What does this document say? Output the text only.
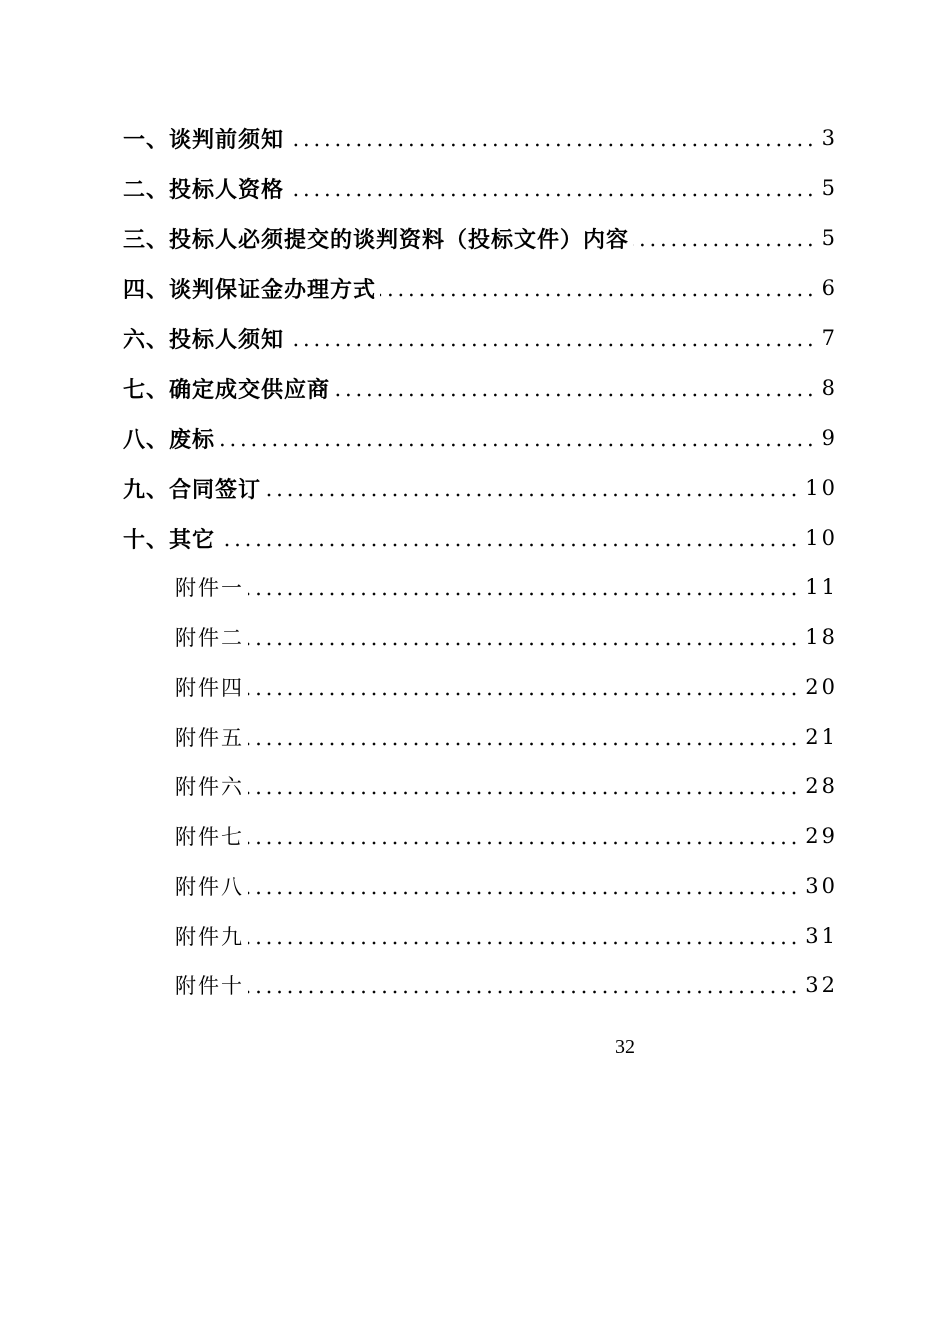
一、谈判前须知	3
二、投标人资格	5
三、投标人必须提交的谈判资料（投标文件）内容	5
四、谈判保证金办理方式	6
六、投标人须知	7
七、确定成交供应商	8
八、废标	9
九、合同签订	10
十、其它	10
附件一	11
附件二	18
附件四	20
附件五	21
附件六	28
附件七	29
附件八	30
附件九	31
附件十	32
32
